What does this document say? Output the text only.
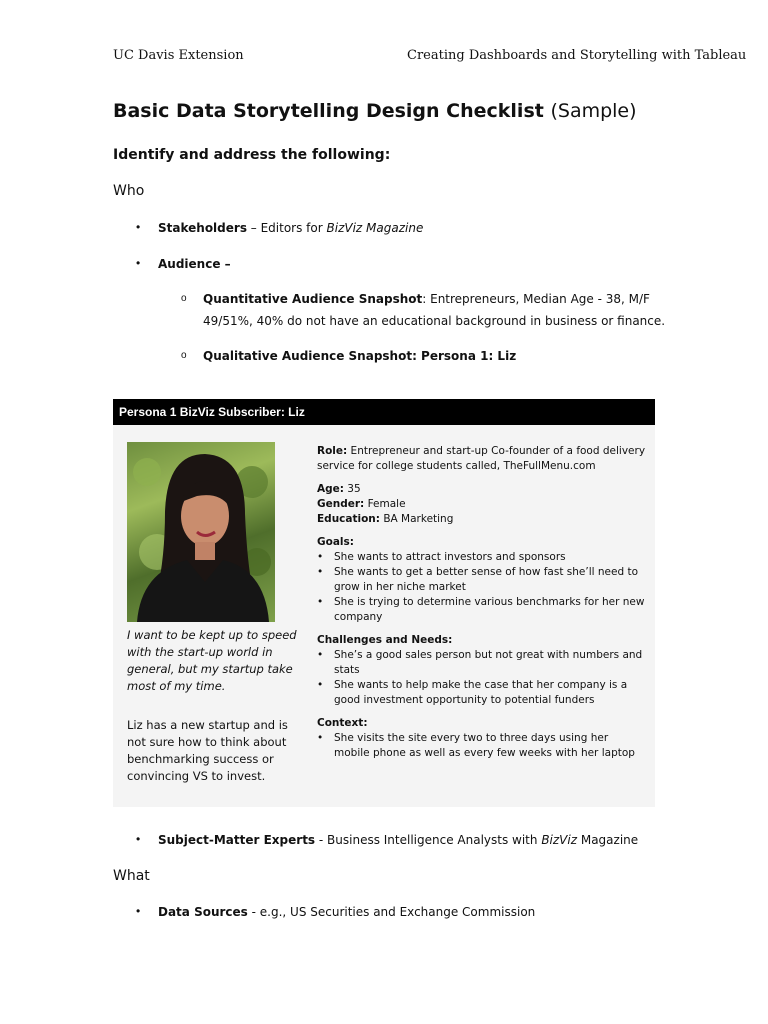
UC Davis Extension	Creating Dashboards and Storytelling with Tableau
Basic Data Storytelling Design Checklist (Sample)
Identify and address the following:
Who
• Stakeholders – Editors for BizViz Magazine
• Audience –
o Quantitative Audience Snapshot: Entrepreneurs, Median Age - 38, M/F
49/51%, 40% do not have an educational background in business or finance.
o Qualitative Audience Snapshot: Persona 1: Liz
Persona 1 BizViz Subscriber: Liz
I want to be kept up to speed with the start-up world in general, but my startup take most of my time.
Liz has a new startup and is not sure how to think about benchmarking success or convincing VS to invest.
Role: Entrepreneur and start-up Co-founder of a food delivery service for college students called, TheFullMenu.com
Age: 35
Gender: Female
Education: BA Marketing
Goals:
• She wants to attract investors and sponsors
• She wants to get a better sense of how fast she’ll need to grow in her niche market
• She is trying to determine various benchmarks for her new company
Challenges and Needs:
• She’s a good sales person but not great with numbers and stats
• She wants to help make the case that her company is a good investment opportunity to potential funders
Context:
• She visits the site every two to three days using her mobile phone as well as every few weeks with her laptop
• Subject-Matter Experts - Business Intelligence Analysts with BizViz Magazine
What
• Data Sources - e.g., US Securities and Exchange Commission
